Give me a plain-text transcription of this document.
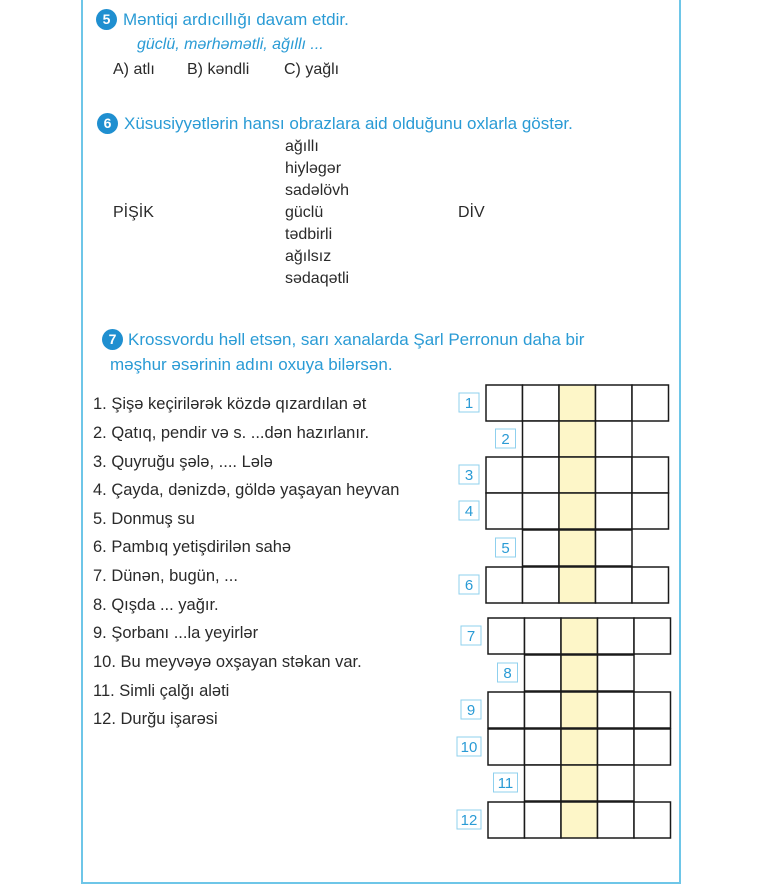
5 Məntiqi ardıcıllığı davam etdir.
güclü, mərhəmətli, ağıllı ...
A) atlı B) kəndli C) yağlı
6 Xüsusiyyətlərin hansı obrazlara aid olduğunu oxlarla göstər.
PİŞİK	DİV
ağıllı
hiyləgər
sadəlövh
güclü
tədbirli
ağılsız
sədaqətli
7 Krossvordu həll etsən, sarı xanalarda Şarl Perronun daha bir
məşhur əsərinin adını oxuya bilərsən.
1. Şişə keçirilərək közdə qızardılan ət
2. Qatıq, pendir və s. ...dən hazırlanır.
3. Quyruğu şələ, .... Lələ
4. Çayda, dənizdə, göldə yaşayan heyvan
5. Donmuş su
6. Pambıq yetişdirilən sahə
7. Dünən, bugün, ...
8. Qışda ... yağır.
9. Şorbanı ...la yeyirlər
10. Bu meyvəyə oxşayan stəkan var.
11. Simli çalğı aləti
12. Durğu işarəsi
1
2
3
4
5
6
7
8
9
10
11
12
